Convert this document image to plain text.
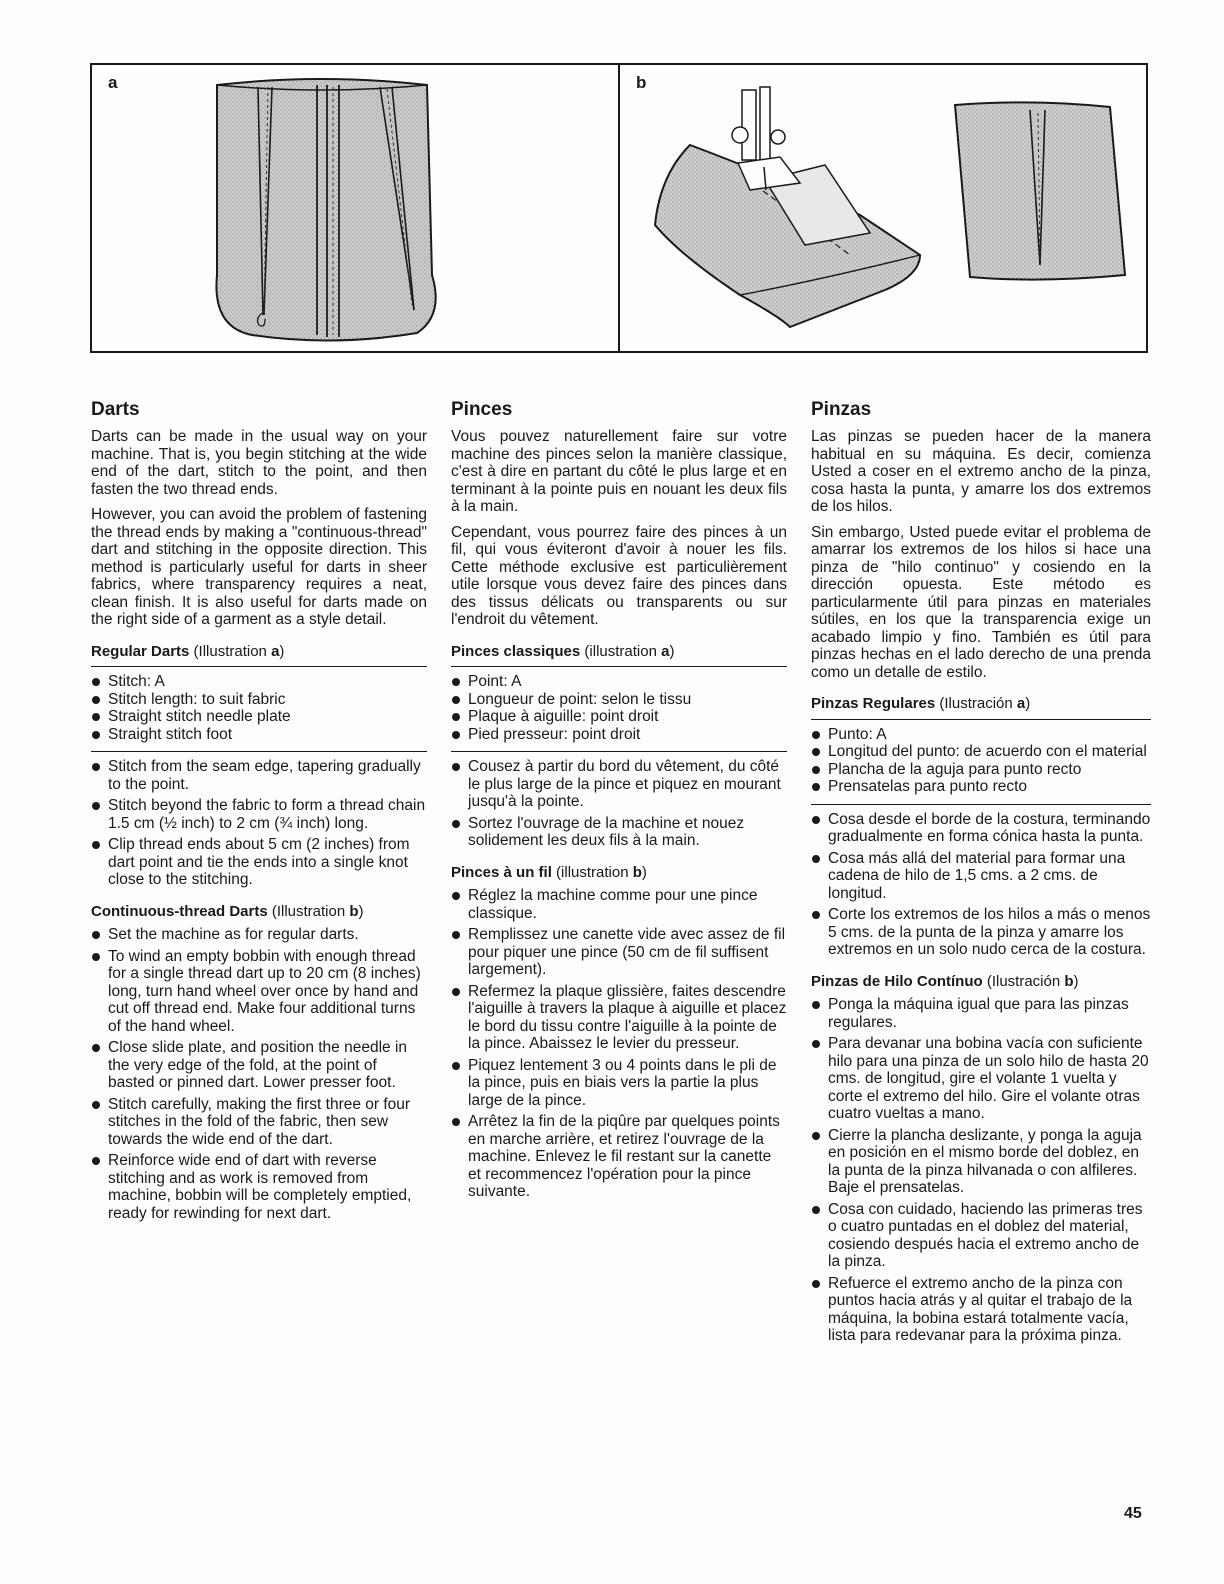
a	b
Darts

Darts can be made in the usual way on your machine. That is, you begin stitching at the wide end of the dart, stitch to the point, and then fasten the two thread ends.

However, you can avoid the problem of fastening the thread ends by making a "continuous-thread" dart and stitching in the opposite direction. This method is particularly useful for darts in sheer fabrics, where transparency requires a neat, clean finish. It is also useful for darts made on the right side of a garment as a style detail.

Regular Darts (Illustration a)
Stitch: A
Stitch length: to suit fabric
Straight stitch needle plate
Straight stitch foot
Stitch from the seam edge, tapering gradually to the point.
Stitch beyond the fabric to form a thread chain 1.5 cm (½ inch) to 2 cm (¾ inch) long.
Clip thread ends about 5 cm (2 inches) from dart point and tie the ends into a single knot close to the stitching.
Continuous-thread Darts (Illustration b)
Set the machine as for regular darts.
To wind an empty bobbin with enough thread for a single thread dart up to 20 cm (8 inches) long, turn hand wheel over once by hand and cut off thread end. Make four additional turns of the hand wheel.
Close slide plate, and position the needle in the very edge of the fold, at the point of basted or pinned dart. Lower presser foot.
Stitch carefully, making the first three or four stitches in the fold of the fabric, then sew towards the wide end of the dart.
Reinforce wide end of dart with reverse stitching and as work is removed from machine, bobbin will be completely emptied, ready for rewinding for next dart.
Pinces

Vous pouvez naturellement faire sur votre machine des pinces selon la manière classique, c'est à dire en partant du côté le plus large et en terminant à la pointe puis en nouant les deux fils à la main.

Cependant, vous pourrez faire des pinces à un fil, qui vous éviteront d'avoir à nouer les fils. Cette méthode exclusive est particulièrement utile lorsque vous devez faire des pinces dans des tissus délicats ou transparents ou sur l'endroit du vêtement.

Pinces classiques (illustration a)
Point: A
Longueur de point: selon le tissu
Plaque à aiguille: point droit
Pied presseur: point droit
Cousez à partir du bord du vêtement, du côté le plus large de la pince et piquez en mourant jusqu'à la pointe.
Sortez l'ouvrage de la machine et nouez solidement les deux fils à la main.
Pinces à un fil (illustration b)
Réglez la machine comme pour une pince classique.
Remplissez une canette vide avec assez de fil pour piquer une pince (50 cm de fil suffisent largement).
Refermez la plaque glissière, faites descendre l'aiguille à travers la plaque à aiguille et placez le bord du tissu contre l'aiguille à la pointe de la pince. Abaissez le levier du presseur.
Piquez lentement 3 ou 4 points dans le pli de la pince, puis en biais vers la partie la plus large de la pince.
Arrêtez la fin de la piqûre par quelques points en marche arrière, et retirez l'ouvrage de la machine. Enlevez le fil restant sur la canette et recommencez l'opération pour la pince suivante.
Pinzas

Las pinzas se pueden hacer de la manera habitual en su máquina. Es decir, comienza Usted a coser en el extremo ancho de la pinza, cosa hasta la punta, y amarre los dos extremos de los hilos.

Sin embargo, Usted puede evitar el problema de amarrar los extremos de los hilos si hace una pinza de "hilo continuo" y cosiendo en la dirección opuesta. Este método es particularmente útil para pinzas en materiales sútiles, en los que la transparencia exige un acabado limpio y fino. También es útil para pinzas hechas en el lado derecho de una prenda como un detalle de estilo.

Pinzas Regulares (Ilustración a)
Punto: A
Longitud del punto: de acuerdo con el material
Plancha de la aguja para punto recto
Prensatelas para punto recto
Cosa desde el borde de la costura, terminando gradualmente en forma cónica hasta la punta.
Cosa más allá del material para formar una cadena de hilo de 1,5 cms. a 2 cms. de longitud.
Corte los extremos de los hilos a más o menos 5 cms. de la punta de la pinza y amarre los extremos en un solo nudo cerca de la costura.
Pinzas de Hilo Contínuo (Ilustración b)
Ponga la máquina igual que para las pinzas regulares.
Para devanar una bobina vacía con suficiente hilo para una pinza de un solo hilo de hasta 20 cms. de longitud, gire el volante 1 vuelta y corte el extremo del hilo. Gire el volante otras cuatro vueltas a mano.
Cierre la plancha deslizante, y ponga la aguja en posición en el mismo borde del doblez, en la punta de la pinza hilvanada o con alfileres. Baje el prensatelas.
Cosa con cuidado, haciendo las primeras tres o cuatro puntadas en el doblez del material, cosiendo después hacia el extremo ancho de la pinza.
Refuerce el extremo ancho de la pinza con puntos hacia atrás y al quitar el trabajo de la máquina, la bobina estará totalmente vacía, lista para redevanar para la próxima pinza.
45
